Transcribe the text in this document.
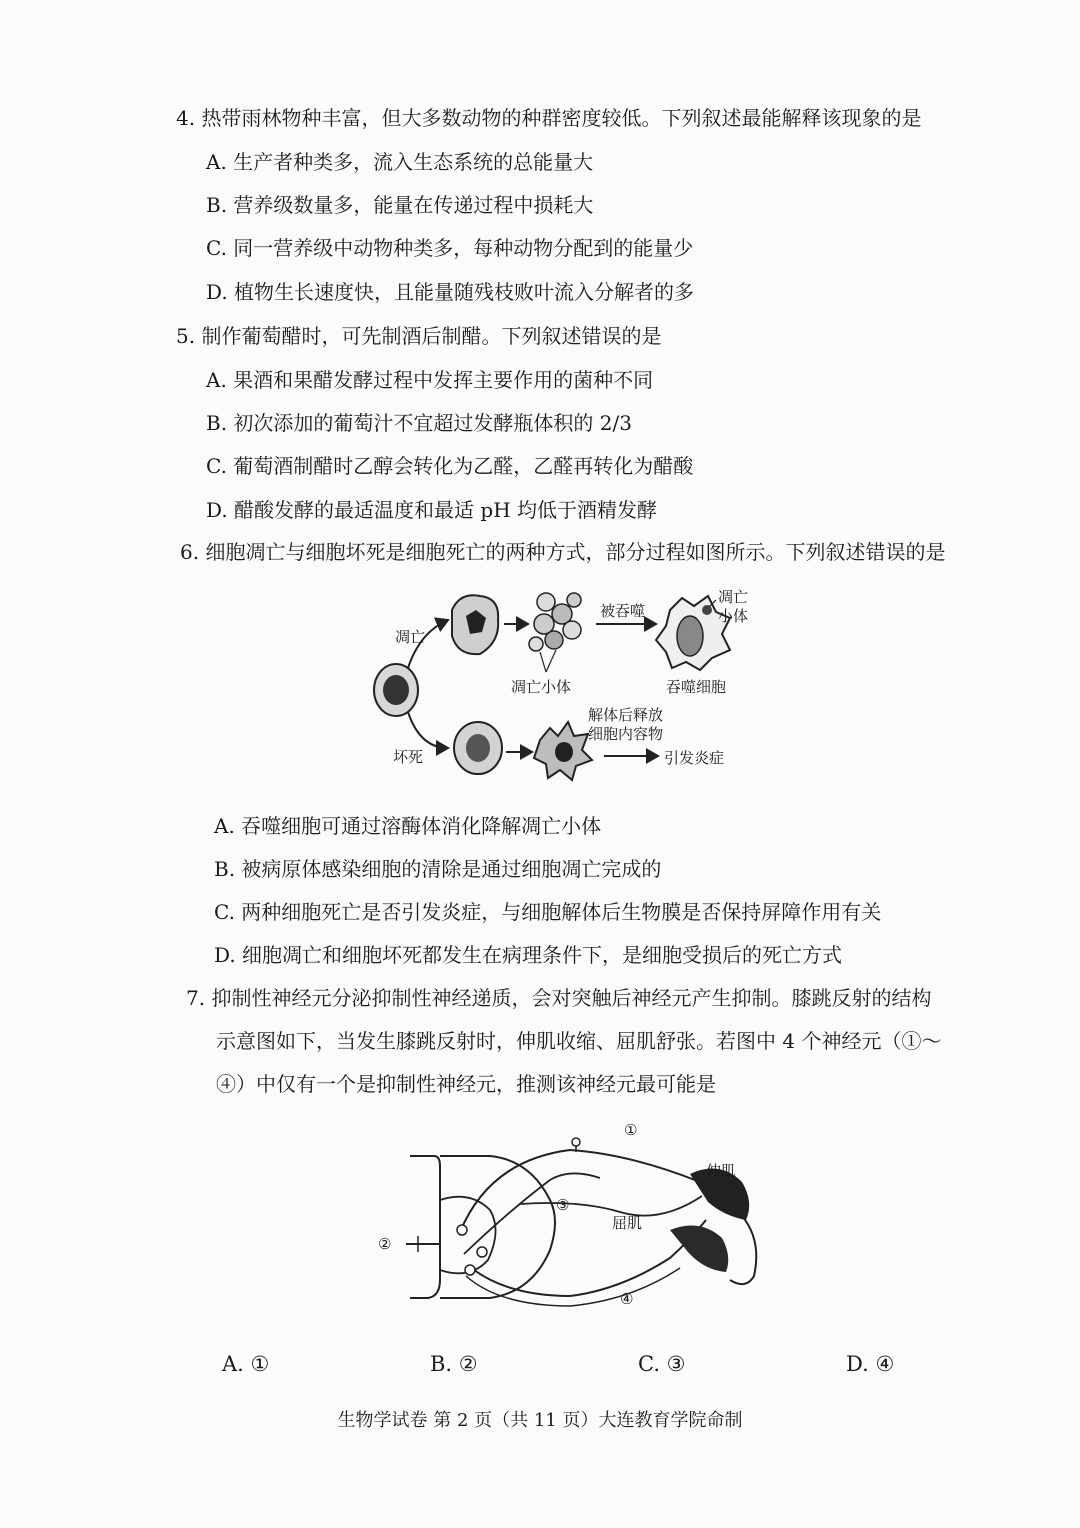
4. 热带雨林物种丰富，但大多数动物的种群密度较低。下列叙述最能解释该现象的是
A. 生产者种类多，流入生态系统的总能量大
B. 营养级数量多，能量在传递过程中损耗大
C. 同一营养级中动物种类多，每种动物分配到的能量少
D. 植物生长速度快，且能量随残枝败叶流入分解者的多
5. 制作葡萄醋时，可先制酒后制醋。下列叙述错误的是
A. 果酒和果醋发酵过程中发挥主要作用的菌种不同
B. 初次添加的葡萄汁不宜超过发酵瓶体积的 2/3
C. 葡萄酒制醋时乙醇会转化为乙醛，乙醛再转化为醋酸
D. 醋酸发酵的最适温度和最适 pH 均低于酒精发酵
6. 细胞凋亡与细胞坏死是细胞死亡的两种方式，部分过程如图所示。下列叙述错误的是
凋亡
坏死
凋亡小体
被吞噬
凋亡
小体
吞噬细胞
解体后释放
细胞内容物
引发炎症
A. 吞噬细胞可通过溶酶体消化降解凋亡小体
B. 被病原体感染细胞的清除是通过细胞凋亡完成的
C. 两种细胞死亡是否引发炎症，与细胞解体后生物膜是否保持屏障作用有关
D. 细胞凋亡和细胞坏死都发生在病理条件下，是细胞受损后的死亡方式
7. 抑制性神经元分泌抑制性神经递质，会对突触后神经元产生抑制。膝跳反射的结构
示意图如下，当发生膝跳反射时，伸肌收缩、屈肌舒张。若图中 4 个神经元（①～
④）中仅有一个是抑制性神经元，推测该神经元最可能是
①
②
③
④
伸肌
屈肌
A. ①	B. ②	C. ③	D. ④
生物学试卷 第 2 页（共 11 页）大连教育学院命制
